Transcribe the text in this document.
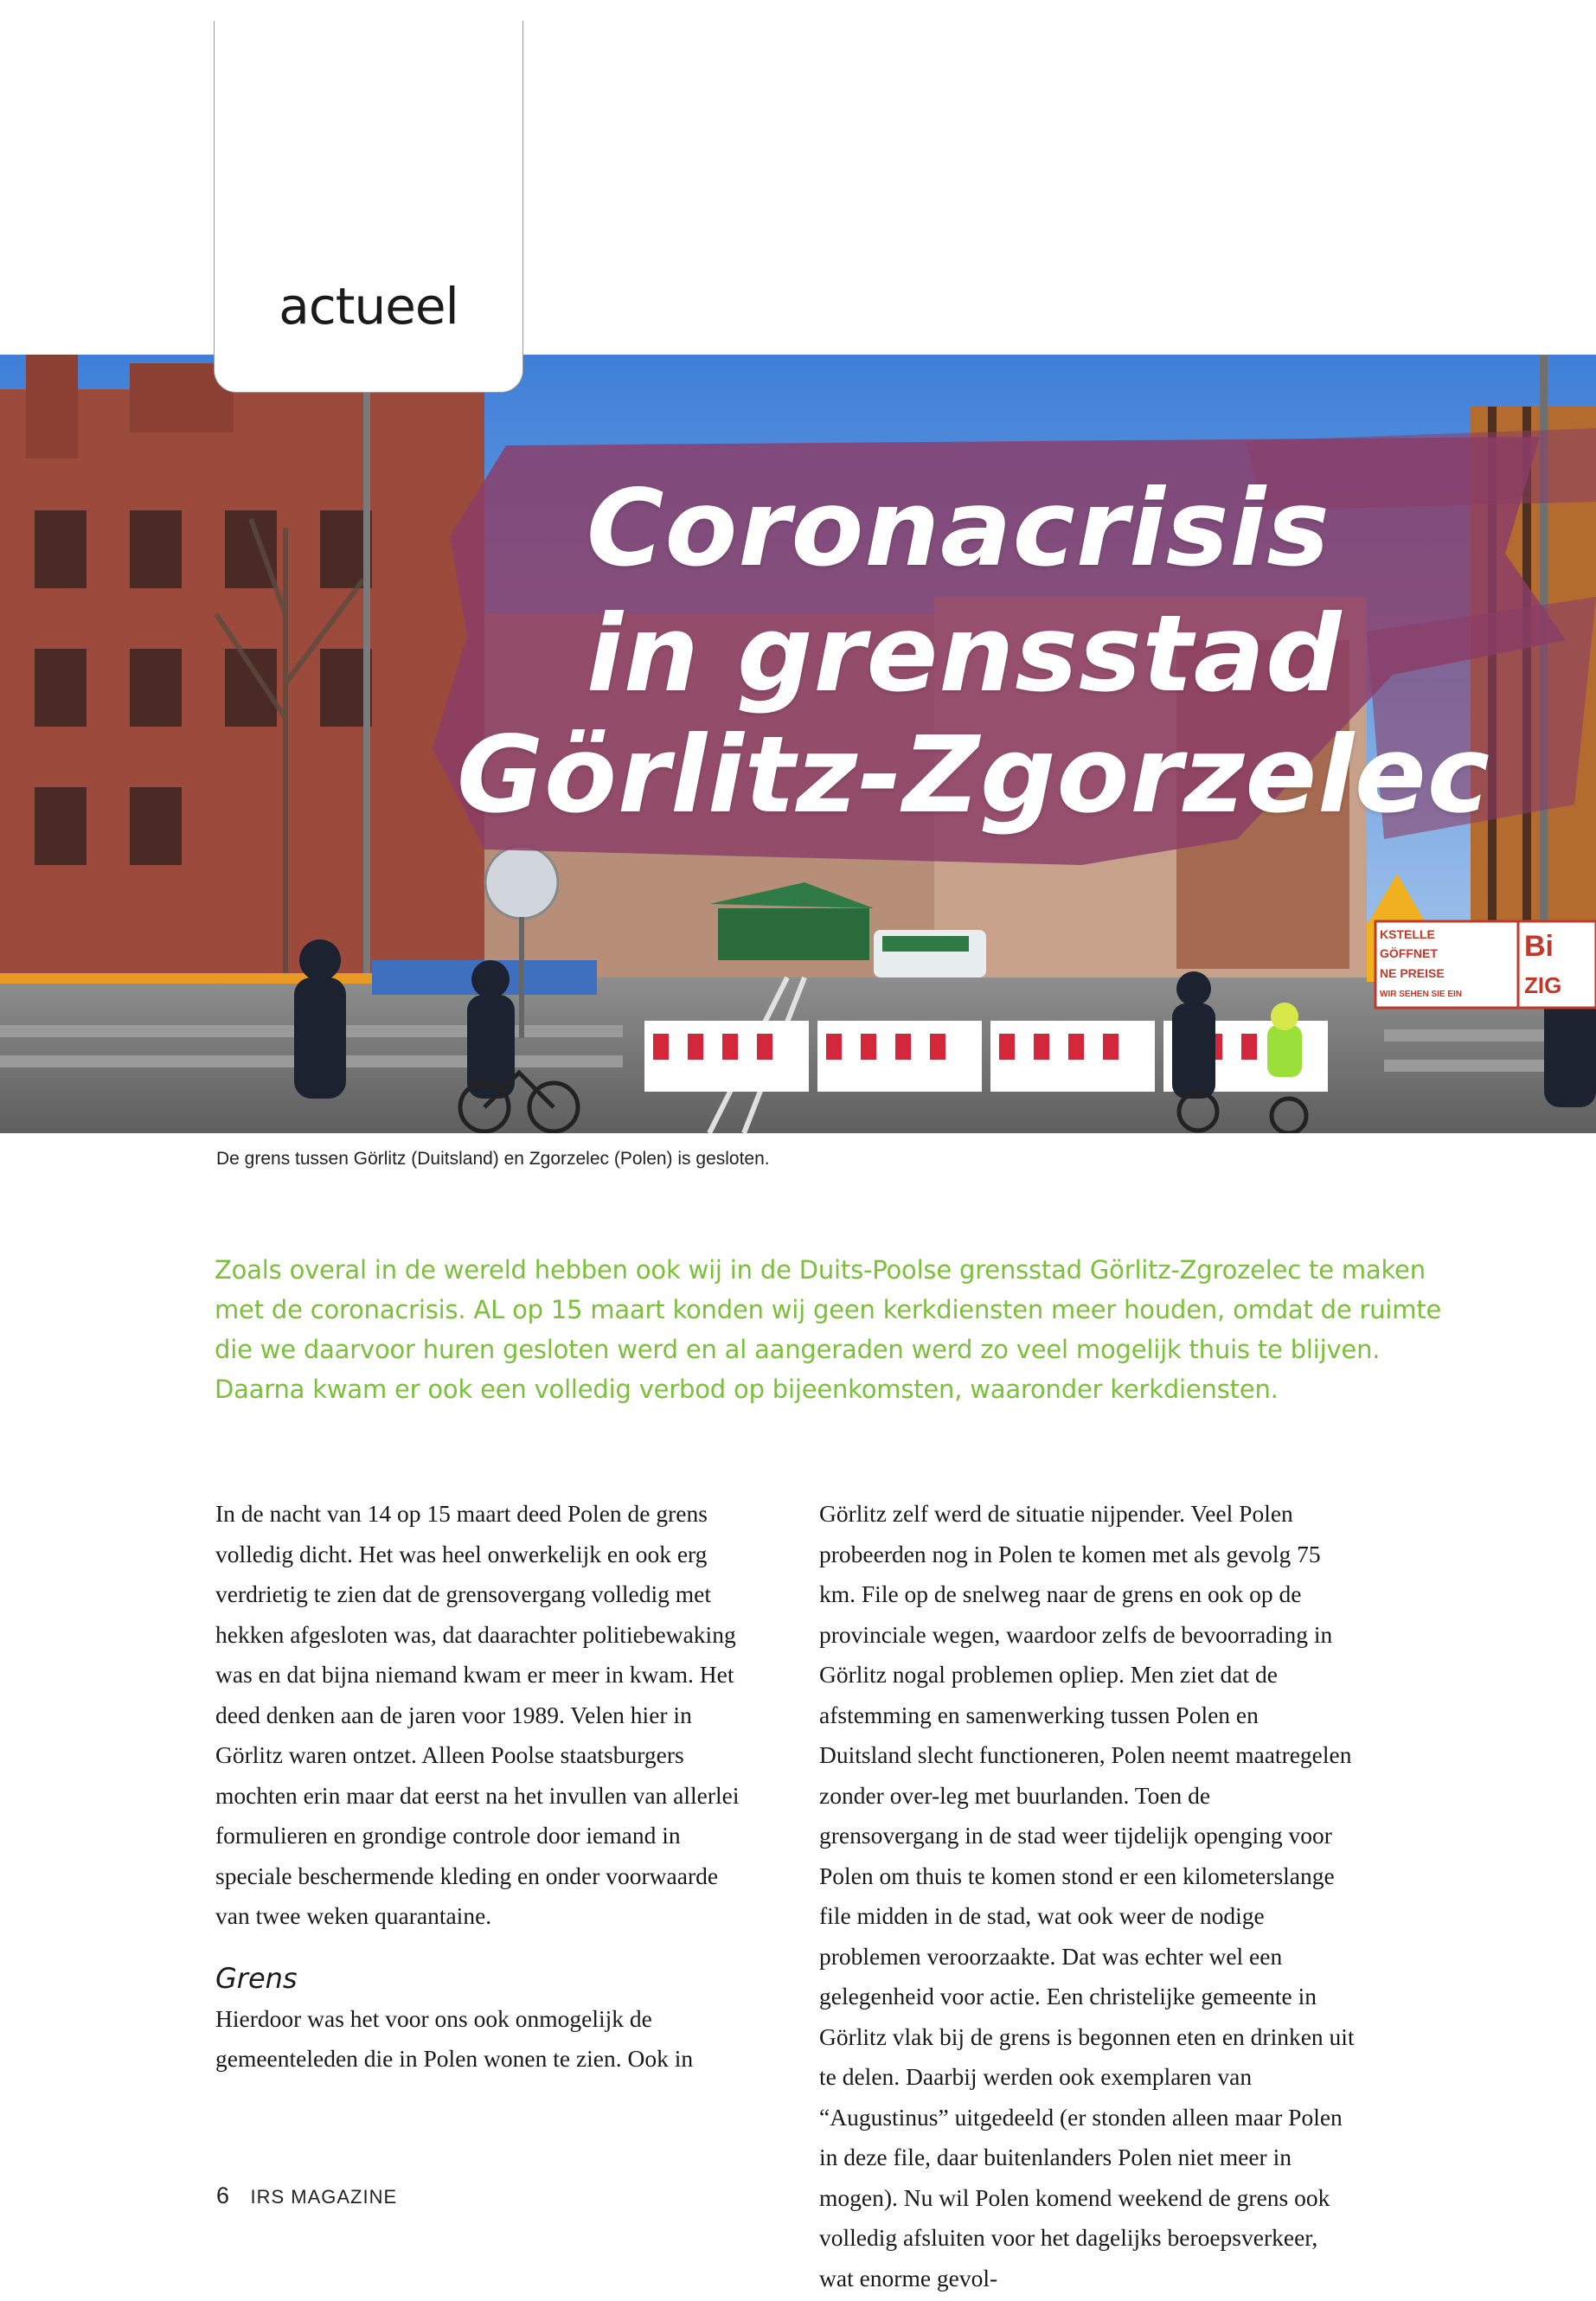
actueel
KSTELLE
GÖFFNET
NE PREISE
WIR SEHEN SIE EIN
Bi
ZIG
Coronacrisis
in grensstad
Görlitz-Zgorzelec
De grens tussen Görlitz (Duitsland) en Zgorzelec (Polen) is gesloten.
Zoals overal in de wereld hebben ook wij in de Duits-Poolse grensstad Görlitz-Zgrozelec te maken met de coronacrisis. AL op 15 maart konden wij geen kerkdiensten meer houden, omdat de ruimte die we daarvoor huren gesloten werd en al aangeraden werd zo veel mogelijk thuis te blijven. Daarna kwam er ook een volledig verbod op bijeenkomsten, waaronder kerkdiensten.

In de nacht van 14 op 15 maart deed Polen de grens volledig dicht. Het was heel onwerkelijk en ook erg verdrietig te zien dat de grensovergang volledig met hekken afgesloten was, dat daarachter politiebewaking was en dat bijna niemand kwam er meer in kwam. Het deed denken aan de jaren voor 1989. Velen hier in Görlitz waren ontzet. Alleen Poolse staatsburgers mochten erin maar dat eerst na het invullen van allerlei formulieren en grondige controle door iemand in speciale beschermende kleding en onder voorwaarde van twee weken quarantaine.

Grens

Hierdoor was het voor ons ook onmogelijk de gemeenteleden die in Polen wonen te zien. Ook in

Görlitz zelf werd de situatie nijpender. Veel Polen probeerden nog in Polen te komen met als gevolg 75 km. File op de snelweg naar de grens en ook op de provinciale wegen, waardoor zelfs de bevoorrading in Görlitz nogal problemen opliep. Men ziet dat de afstemming en samenwerking tussen Polen en Duitsland slecht functioneren, Polen neemt maatregelen zonder over-leg met buurlanden. Toen de grensovergang in de stad weer tijdelijk openging voor Polen om thuis te komen stond er een kilometerslange file midden in de stad, wat ook weer de nodige problemen veroorzaakte. Dat was echter wel een gelegenheid voor actie. Een christelijke gemeente in Görlitz vlak bij de grens is begonnen eten en drinken uit te delen. Daarbij werden ook exemplaren van “Augustinus” uitgedeeld (er stonden alleen maar Polen in deze file, daar buitenlanders Polen niet meer in mogen). Nu wil Polen komend weekend de grens ook volledig afsluiten voor het dagelijks beroepsverkeer, wat enorme gevol-

6 IRS MAGAZINE
